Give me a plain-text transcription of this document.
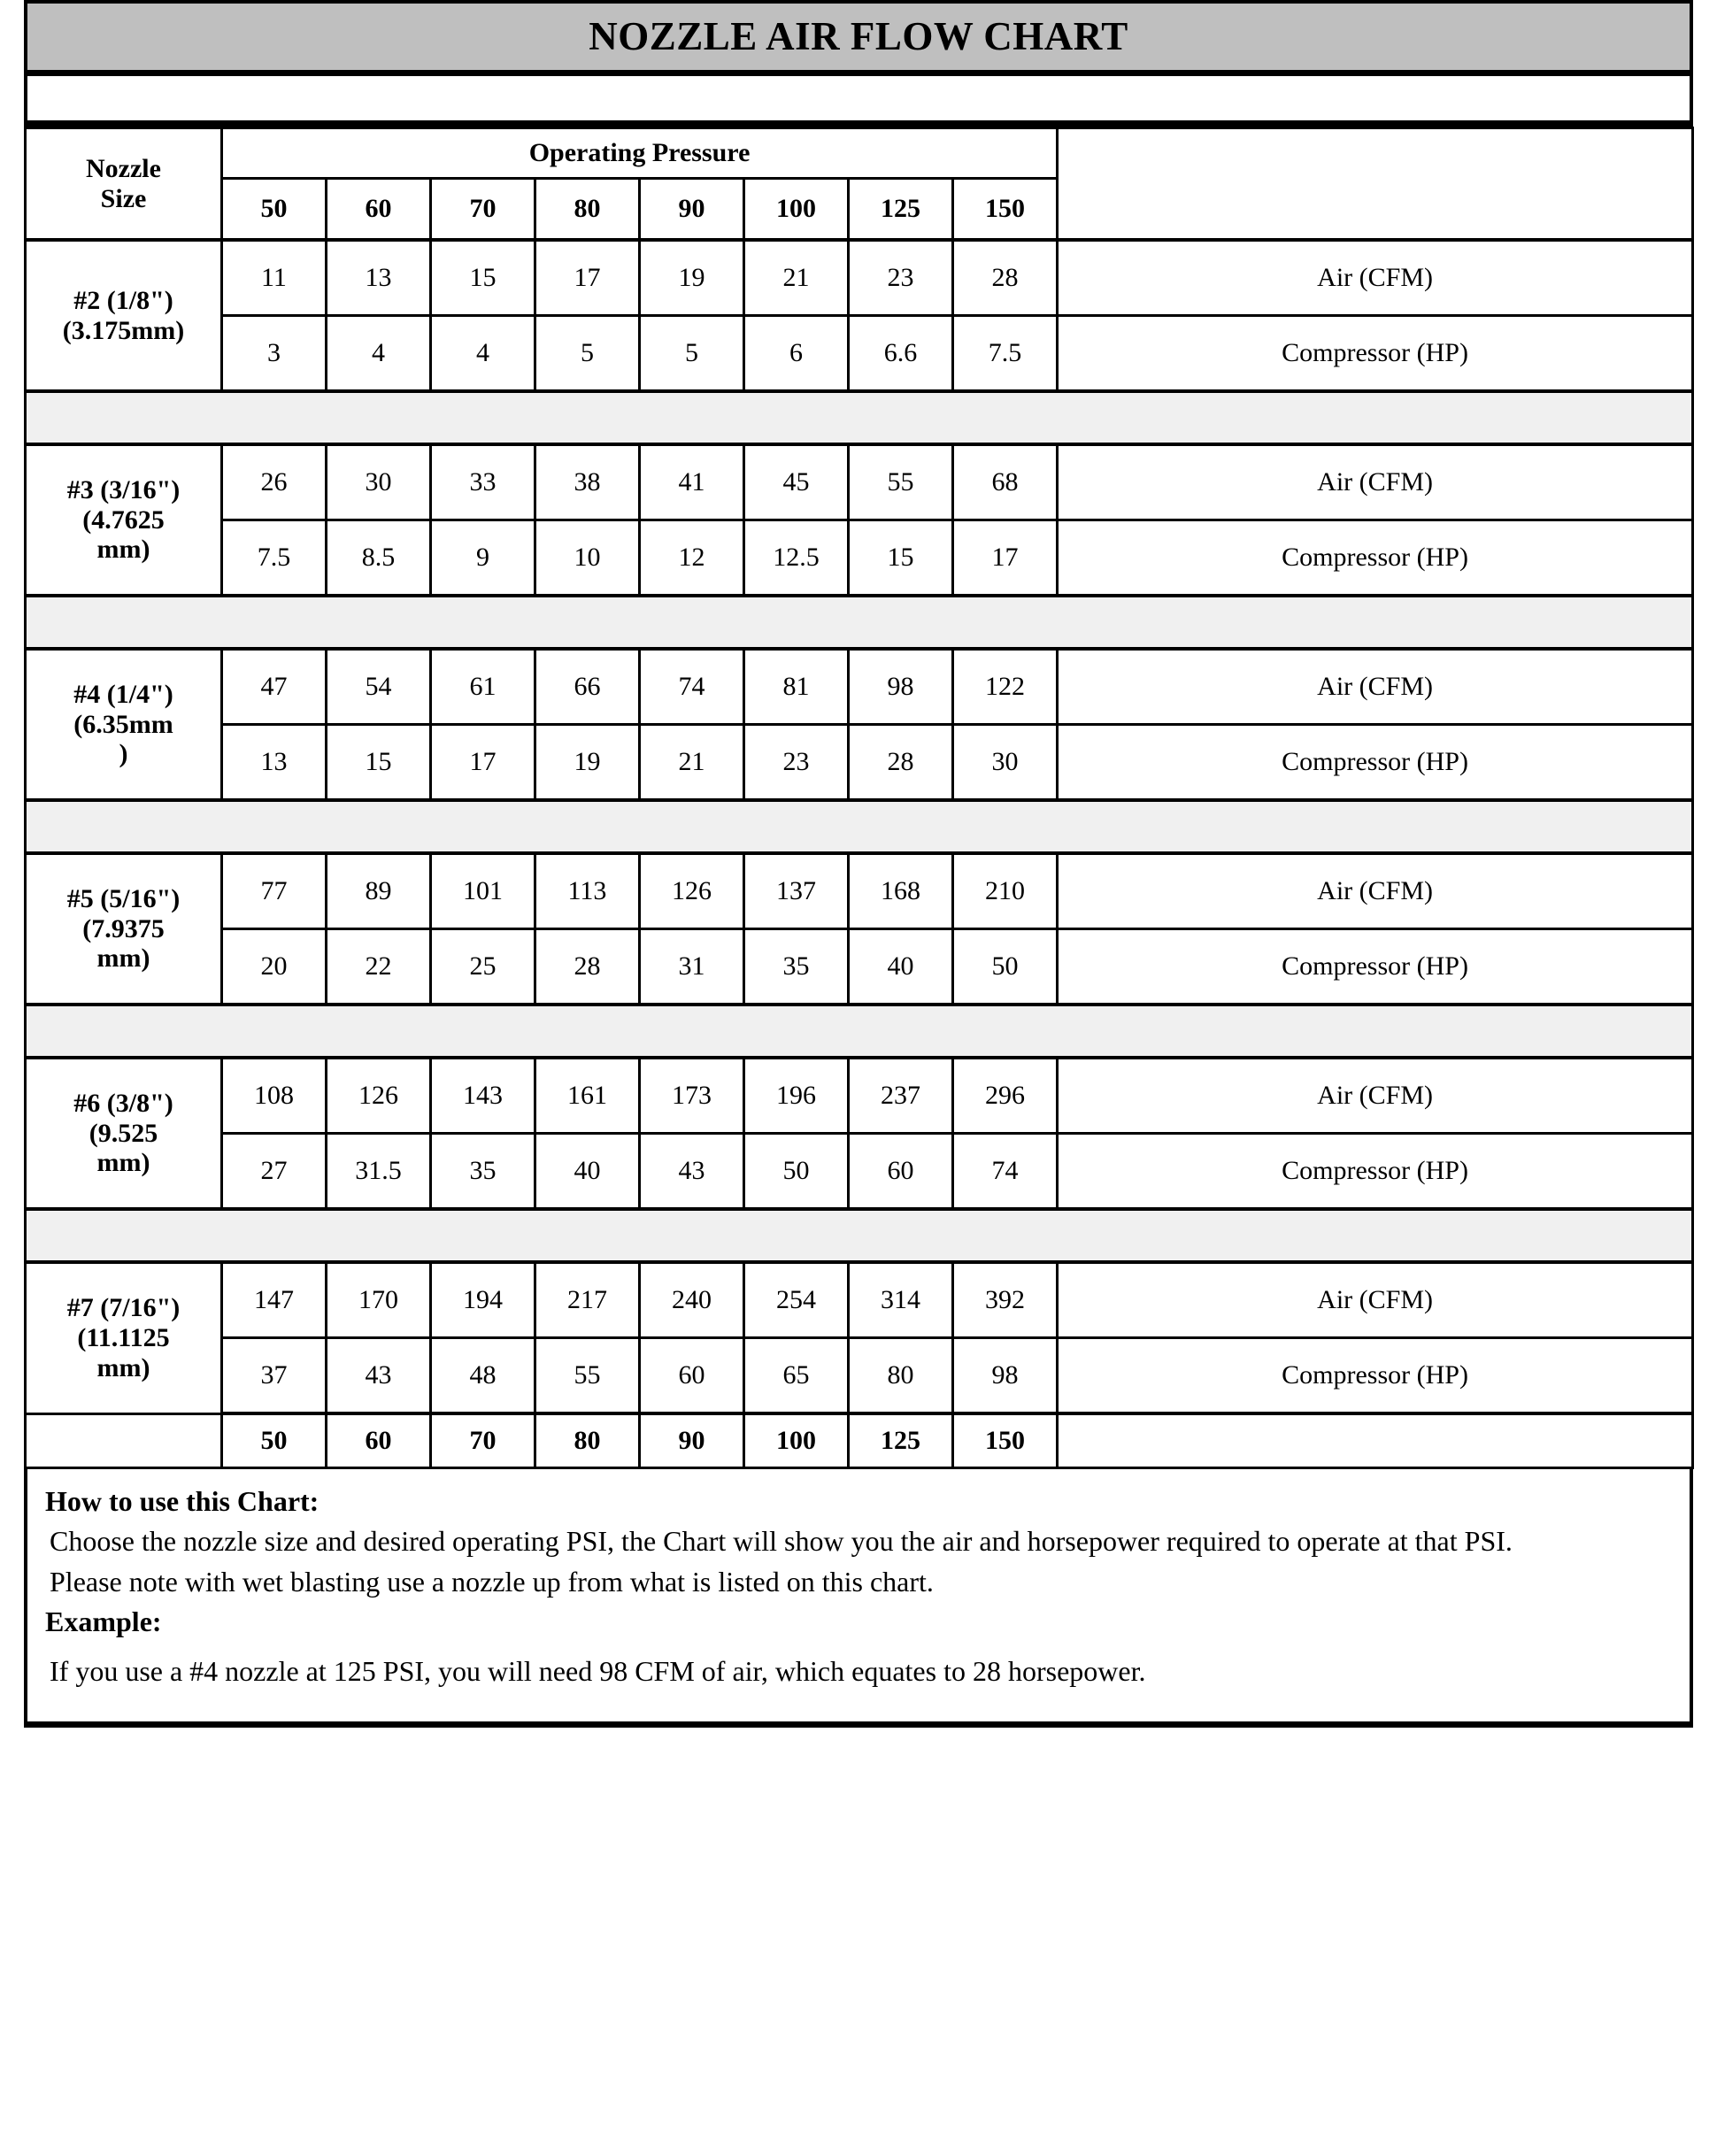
NOZZLE AIR FLOW CHART
Nozzle
Size	Operating Pressure								
	50	60	70	80	90	100	125	150	
#2 (1/8")
(3.175mm)	11	13	15	17	19	21	23	28	Air (CFM)
	3	4	4	5	5	6	6.6	7.5	Compressor (HP)

#3 (3/16")
(4.7625
mm)	26	30	33	38	41	45	55	68	Air (CFM)
	7.5	8.5	9	10	12	12.5	15	17	Compressor (HP)

#4 (1/4")
(6.35mm
)	47	54	61	66	74	81	98	122	Air (CFM)
	13	15	17	19	21	23	28	30	Compressor (HP)

#5 (5/16")
(7.9375
mm)	77	89	101	113	126	137	168	210	Air (CFM)
	20	22	25	28	31	35	40	50	Compressor (HP)

#6 (3/8")
(9.525
mm)	108	126	143	161	173	196	237	296	Air (CFM)
	27	31.5	35	40	43	50	60	74	Compressor (HP)

#7 (7/16")
(11.1125
mm)	147	170	194	217	240	254	314	392	Air (CFM)
	37	43	48	55	60	65	80	98	Compressor (HP)
	50	60	70	80	90	100	125	150	

How to use this Chart:

Choose the nozzle size and desired operating PSI, the Chart will show you the air and horsepower required to operate at that PSI.

Please note with wet blasting use a nozzle up from what is listed on this chart.

Example:

If you use a #4 nozzle at 125 PSI, you will need 98 CFM of air, which equates to 28 horsepower.
